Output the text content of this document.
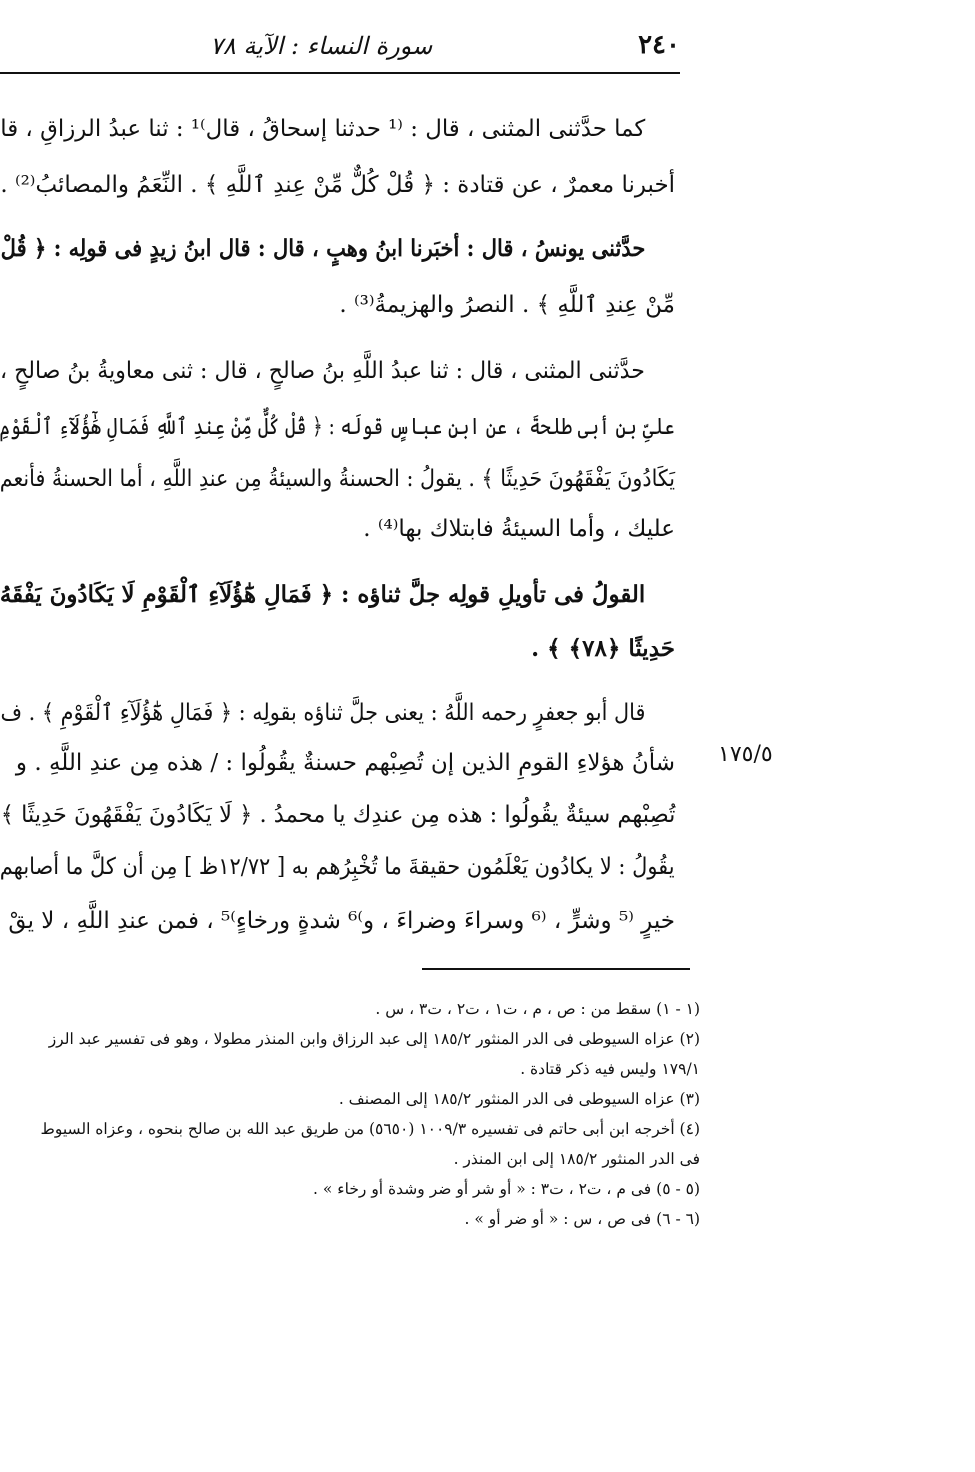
٢٤٠
سورة النساء : الآية ٧٨
١٧٥/٥
كما حدَّثنى المثنى ، قال : ⁽¹ حدثنا إسحاقُ ، قال⁾¹ : ثنا عبدُ الرزاقِ ، قا
أخبرنا معمرٌ ، عن قتادة : ﴿ قُلْ كُلٌّ مِّنْ عِندِ ٱللَّهِ ﴾ . النِّعَمُ والمصائبُ⁽²⁾ .
حدَّثنى يونسُ ، قال : أخبَرنا ابنُ وهبٍ ، قال : قال ابنُ زيدٍ فى قولِه : ﴿ قُلْ
مِّنْ عِندِ ٱللَّهِ ﴾ . النصرُ والهزيمةُ⁽³⁾ .
حدَّثنى المثنى ، قال : ثنا عبدُ اللَّهِ بنُ صالحٍ ، قال : ثنى معاويةُ بنُ صالحٍ ،
علىِّ بنِ أبى طلحةَ ، عن ابنِ عباسٍ قولَه : ﴿ قُلْ كُلٌّ مِّنْ عِندِ ٱللَّهِ فَمَالِ هَٰٓؤُلَآءِ ٱلْقَوْمِ
يَكَادُونَ يَفْقَهُونَ حَدِيثًا ﴾ . يقولُ : الحسنةُ والسيئةُ مِن عندِ اللَّهِ ، أما الحسنةُ فأنعم
عليك ، وأما السيئةُ فابتلاك بها⁽⁴⁾ .
القولُ فى تأويلِ قولِه جلَّ ثناؤه : ﴿ فَمَالِ هَٰٓؤُلَآءِ ٱلْقَوْمِ لَا يَكَادُونَ يَفْقَهُ
حَدِيثًا ﴿٧٨﴾ ﴾ .
قال أبو جعفرٍ رحمه اللَّهُ : يعنى جلَّ ثناؤه بقولِه : ﴿ فَمَالِ هَٰٓؤُلَآءِ ٱلْقَوْمِ ﴾ . ف
شأنُ هؤلاءِ القومِ الذين إن تُصِبْهم حسنةٌ يقُولُوا : / هذه مِن عندِ اللَّهِ . و
تُصِبْهم سيئةٌ يقُولُوا : هذه مِن عندِك يا محمدُ . ﴿ لَا يَكَادُونَ يَفْقَهُونَ حَدِيثًا ﴾
يقُولُ : لا يكادُون يَعْلَمُون حقيقةَ ما تُخْبِرُهم به [ ١٢/٧٢ظ ] مِن أن كلَّ ما أصابهم
خيرٍ ⁽⁵ وشرٍّ ، ⁽⁶ وسراءَ وضراءَ ، و⁾⁶ شدةٍ ورخاءٍ⁾⁵ ، فمن عندِ اللَّهِ ، لا يقْ
(١ - ١) سقط من : ص ، م ، ت١ ، ت٢ ، ت٣ ، س .
(٢) عزاه السيوطى فى الدر المنثور ١٨٥/٢ إلى عبد الرزاق وابن المنذر مطولا ، وهو فى تفسير عبد الرز
١٧٩/١ وليس فيه ذكر قتادة .
(٣) عزاه السيوطى فى الدر المنثور ١٨٥/٢ إلى المصنف .
(٤) أخرجه ابن أبى حاتم فى تفسيره ١٠٠٩/٣ (٥٦٥٠) من طريق عبد الله بن صالح بنحوه ، وعزاه السيوط
فى الدر المنثور ١٨٥/٢ إلى ابن المنذر .
(٥ - ٥) فى م ، ت٢ ، ت٣ : « أو شر أو ضر وشدة أو رخاء » .
(٦ - ٦) فى ص ، س : « أو ضر أو » .
